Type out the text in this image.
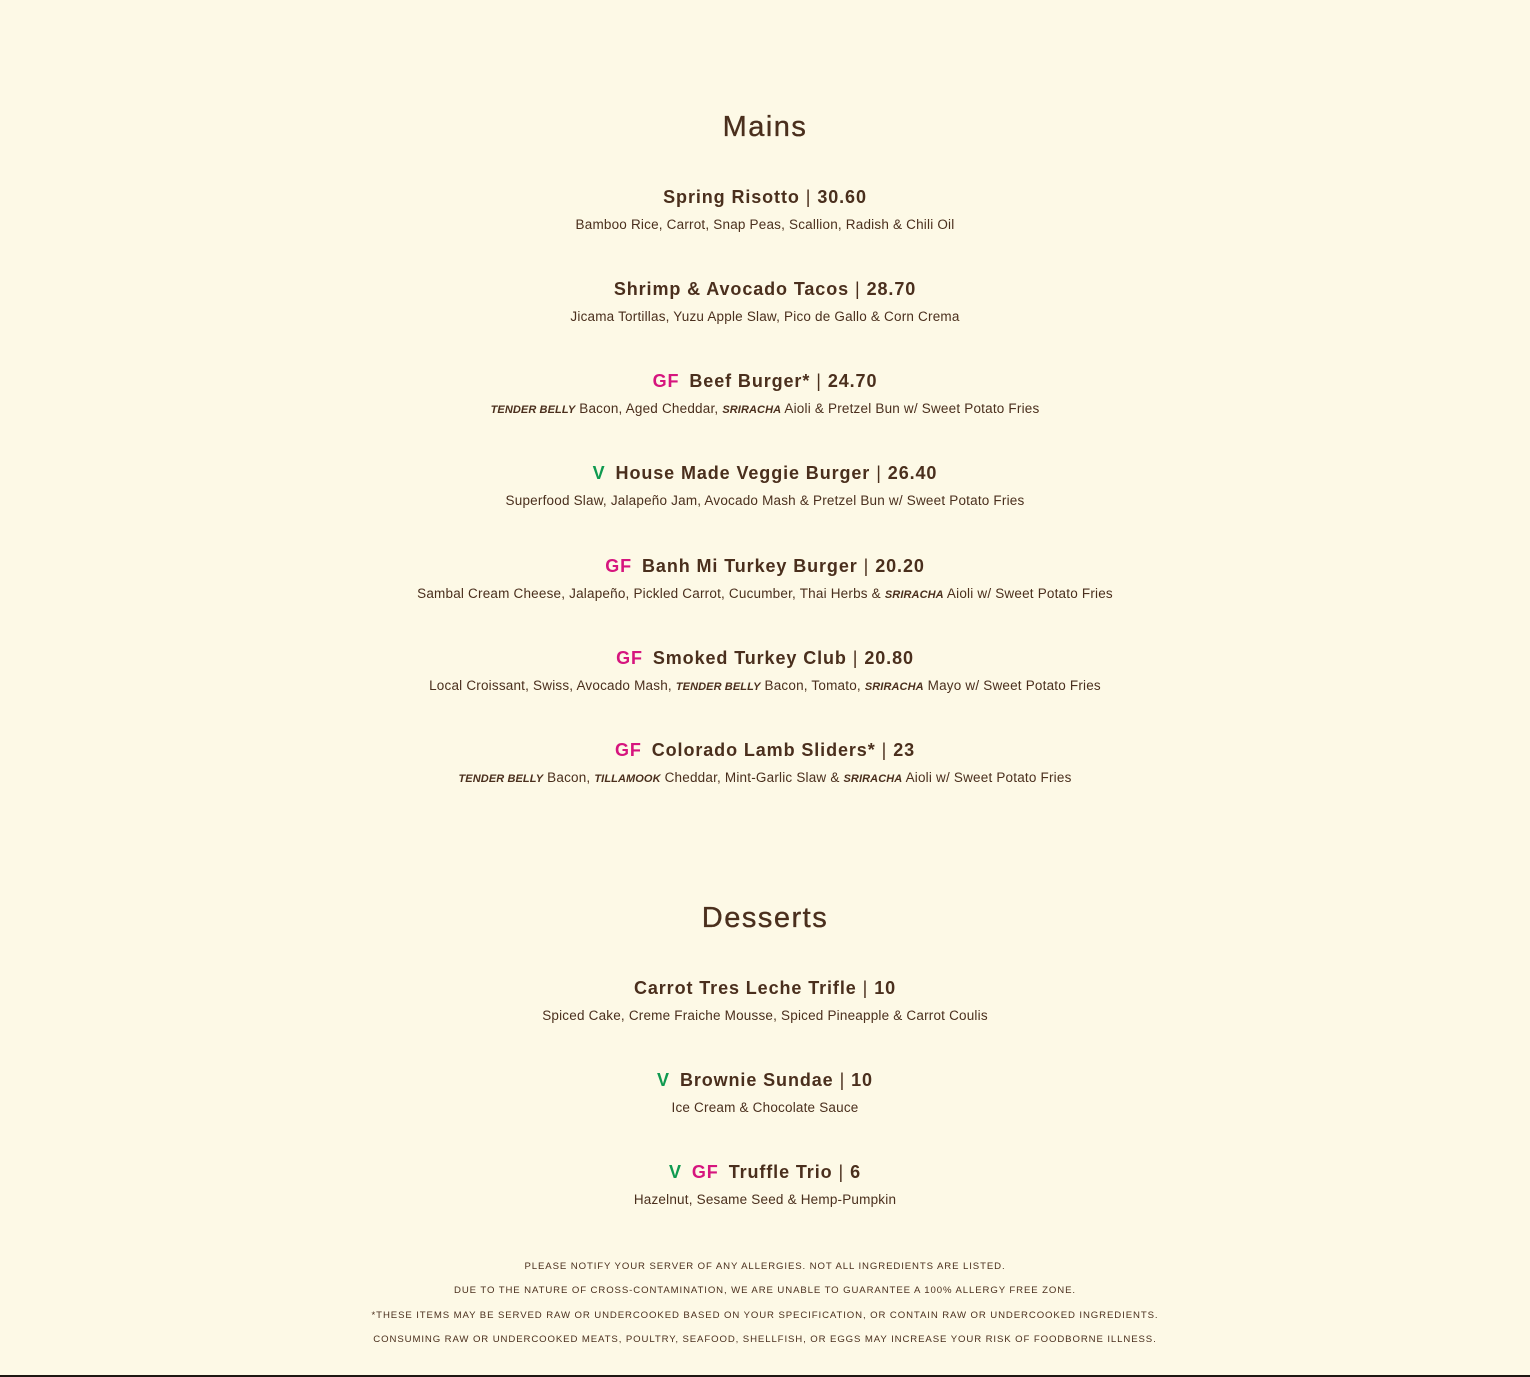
Mains
Spring Risotto | 30.60
Bamboo Rice, Carrot, Snap Peas, Scallion, Radish & Chili Oil
Shrimp & Avocado Tacos | 28.70
Jicama Tortillas, Yuzu Apple Slaw, Pico de Gallo & Corn Crema
GF Beef Burger* | 24.70
TENDER BELLY Bacon, Aged Cheddar, SRIRACHA Aioli & Pretzel Bun w/ Sweet Potato Fries
V House Made Veggie Burger | 26.40
Superfood Slaw, Jalapeño Jam, Avocado Mash & Pretzel Bun w/ Sweet Potato Fries
GF Banh Mi Turkey Burger | 20.20
Sambal Cream Cheese, Jalapeño, Pickled Carrot, Cucumber, Thai Herbs & SRIRACHA Aioli w/ Sweet Potato Fries
GF Smoked Turkey Club | 20.80
Local Croissant, Swiss, Avocado Mash, TENDER BELLY Bacon, Tomato, SRIRACHA Mayo w/ Sweet Potato Fries
GF Colorado Lamb Sliders* | 23
TENDER BELLY Bacon, TILLAMOOK Cheddar, Mint-Garlic Slaw & SRIRACHA Aioli w/ Sweet Potato Fries
Desserts
Carrot Tres Leche Trifle | 10
Spiced Cake, Creme Fraiche Mousse, Spiced Pineapple & Carrot Coulis
V Brownie Sundae | 10
Ice Cream & Chocolate Sauce
V GF Truffle Trio | 6
Hazelnut, Sesame Seed & Hemp-Pumpkin
PLEASE NOTIFY YOUR SERVER OF ANY ALLERGIES. NOT ALL INGREDIENTS ARE LISTED.
DUE TO THE NATURE OF CROSS-CONTAMINATION, WE ARE UNABLE TO GUARANTEE A 100% ALLERGY FREE ZONE.
*THESE ITEMS MAY BE SERVED RAW OR UNDERCOOKED BASED ON YOUR SPECIFICATION, OR CONTAIN RAW OR UNDERCOOKED INGREDIENTS.
CONSUMING RAW OR UNDERCOOKED MEATS, POULTRY, SEAFOOD, SHELLFISH, OR EGGS MAY INCREASE YOUR RISK OF FOODBORNE ILLNESS.
